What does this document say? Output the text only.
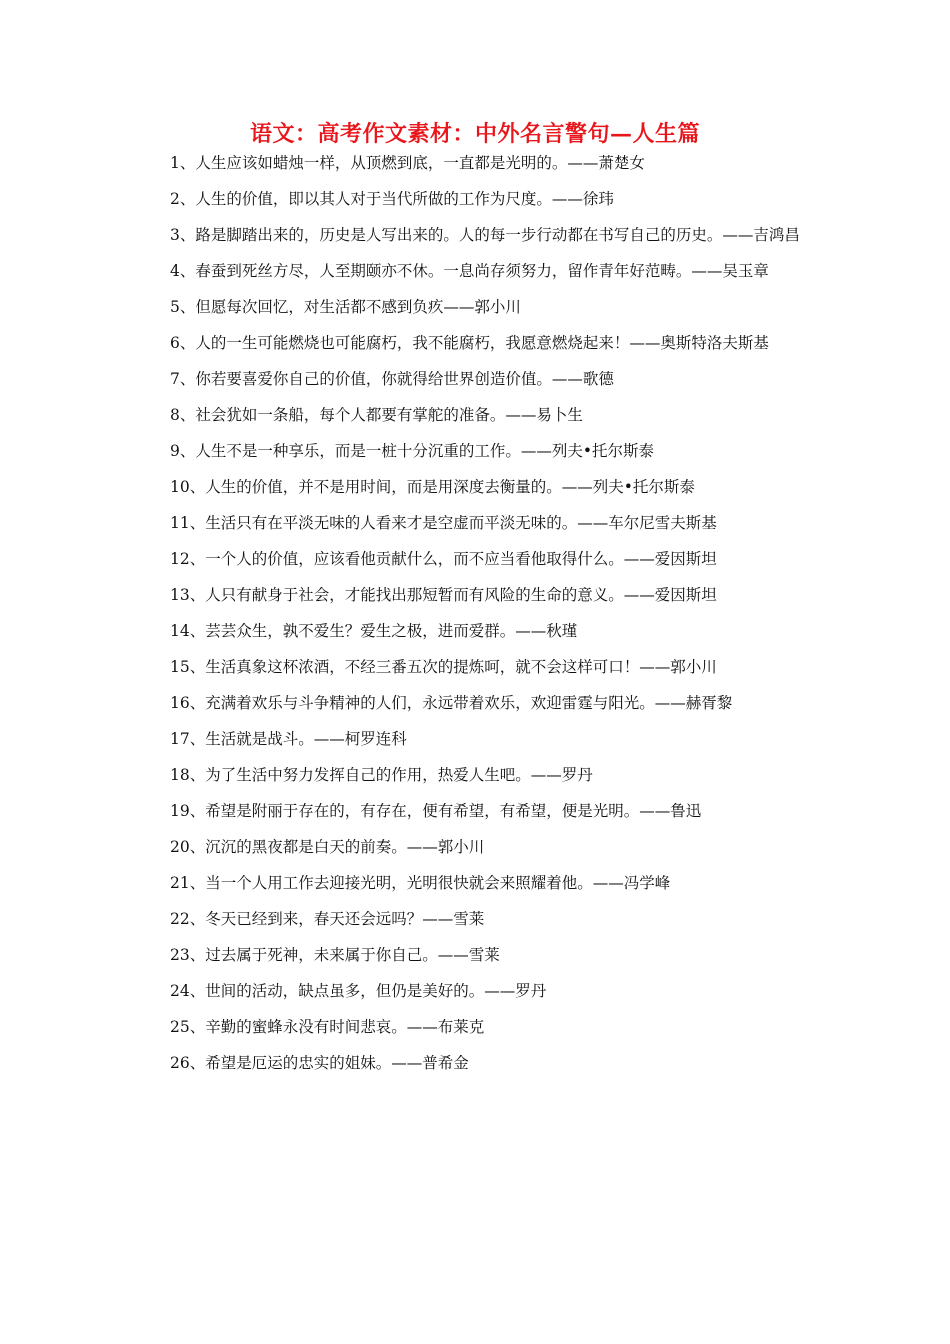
语文：高考作文素材：中外名言警句—人生篇
1、人生应该如蜡烛一样，从顶燃到底，一直都是光明的。——萧楚女
2、人生的价值，即以其人对于当代所做的工作为尺度。——徐玮
3、路是脚踏出来的，历史是人写出来的。人的每一步行动都在书写自己的历史。——吉鸿昌
4、春蚕到死丝方尽，人至期颐亦不休。一息尚存须努力，留作青年好范畴。——吴玉章
5、但愿每次回忆，对生活都不感到负疚——郭小川
6、人的一生可能燃烧也可能腐朽，我不能腐朽，我愿意燃烧起来！——奥斯特洛夫斯基
7、你若要喜爱你自己的价值，你就得给世界创造价值。——歌德
8、社会犹如一条船，每个人都要有掌舵的准备。——易卜生
9、人生不是一种享乐，而是一桩十分沉重的工作。——列夫•托尔斯泰
10、人生的价值，并不是用时间，而是用深度去衡量的。——列夫•托尔斯泰
11、生活只有在平淡无味的人看来才是空虚而平淡无味的。——车尔尼雪夫斯基
12、一个人的价值，应该看他贡献什么，而不应当看他取得什么。——爱因斯坦
13、人只有献身于社会，才能找出那短暂而有风险的生命的意义。——爱因斯坦
14、芸芸众生，孰不爱生？爱生之极，进而爱群。——秋瑾
15、生活真象这杯浓酒，不经三番五次的提炼呵，就不会这样可口！——郭小川
16、充满着欢乐与斗争精神的人们，永远带着欢乐，欢迎雷霆与阳光。——赫胥黎
17、生活就是战斗。——柯罗连科
18、为了生活中努力发挥自己的作用，热爱人生吧。——罗丹
19、希望是附丽于存在的，有存在，便有希望，有希望，便是光明。——鲁迅
20、沉沉的黑夜都是白天的前奏。——郭小川
21、当一个人用工作去迎接光明，光明很快就会来照耀着他。——冯学峰
22、冬天已经到来，春天还会远吗？——雪莱
23、过去属于死神，未来属于你自己。——雪莱
24、世间的活动，缺点虽多，但仍是美好的。——罗丹
25、辛勤的蜜蜂永没有时间悲哀。——布莱克
26、希望是厄运的忠实的姐妹。——普希金
